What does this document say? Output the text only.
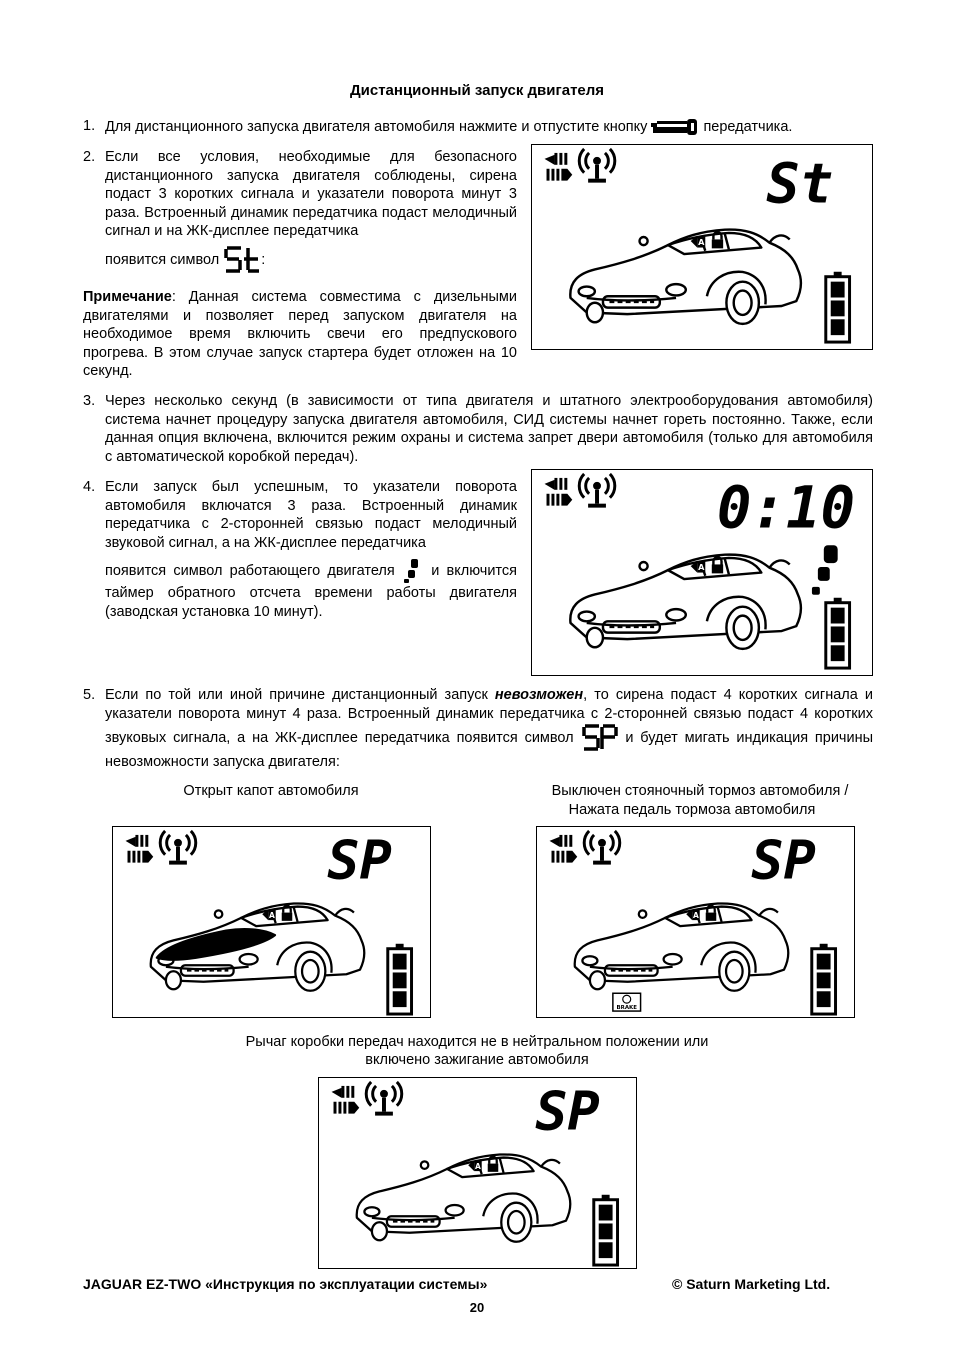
Дистанционный запуск двигателя
1. Для дистанционного запуска двигателя автомобиля нажмите и отпустите кнопку	передатчика.
2. Если все условия, необходимые для безопасного дистанционного запуска двигателя соблюдены, сирена подаст 3 коротких сигнала и указатели поворота минут 3 раза. Встроенный динамик передатчика подаст мелодичный сигнал и на ЖК-дисплее передатчика
появится символ	:
Примечание: Данная система совместима с дизельными двигателями и позволяет перед запуском двигателя на необходимое время включить свечи его предпускового прогрева. В этом случае запуск стартера будет отложен на 10 секунд.
A
St
3. Через несколько секунд (в зависимости от типа двигателя и штатного электрооборудования автомобиля) система начнет процедуру запуска двигателя автомобиля, СИД системы начнет гореть постоянно. Также, если данная опция включена, включится режим охраны и система запрет двери автомобиля (только для автомобиля с автоматической коробкой передач).
4. Если запуск был успешным, то указатели поворота автомобиля включатся 3 раза. Встроенный динамик передатчика с 2-сторонней связью подаст мелодичный звуковой сигнал, а на ЖК-дисплее передатчика
появится символ работающего двигателя	и включится таймер обратного отсчета времени работы двигателя (заводская установка 10 минут).
A
0:10
5. Если по той или иной причине дистанционный запуск невозможен, то сирена подаст 4 коротких сигнала и указатели поворота минут 4 раза. Встроенный динамик передатчика с 2-сторонней связью подаст 4 коротких звуковых сигнала, а на ЖК-дисплее передатчика появится символ	и будет мигать индикация причины невозможности запуска двигателя:
Открыт капот автомобиля	Выключен стояночный тормоз автомобиля /
Нажата педаль тормоза автомобиля
A
SP
A
SP
BRAKE
Рычаг коробки передач находится не в нейтральном положении или
включено зажигание автомобиля
A
SP
JAGUAR EZ-TWO «Инструкция по эксплуатации системы»	© Saturn Marketing Ltd.
20
